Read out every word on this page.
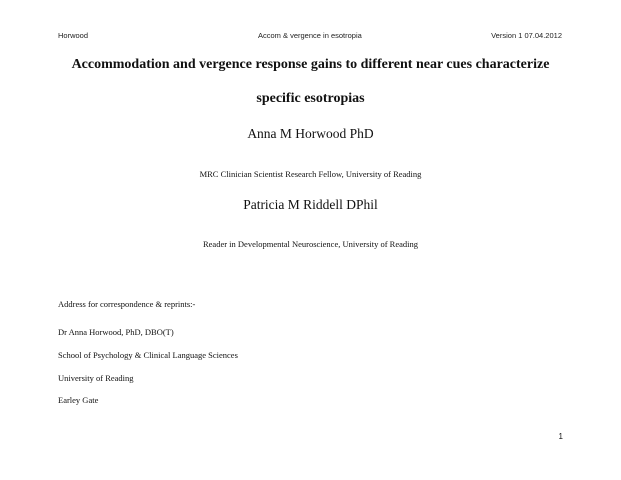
Horwood	Accom & vergence in esotropia	Version 1 07.04.2012
Accommodation and vergence response gains to different near cues characterize
specific esotropias
Anna M Horwood PhD
MRC Clinician Scientist Research Fellow, University of Reading
Patricia M Riddell DPhil
Reader in Developmental Neuroscience, University of Reading
Address for correspondence & reprints:-
Dr Anna Horwood, PhD, DBO(T)
School of Psychology & Clinical Language Sciences
University of Reading
Earley Gate
1
